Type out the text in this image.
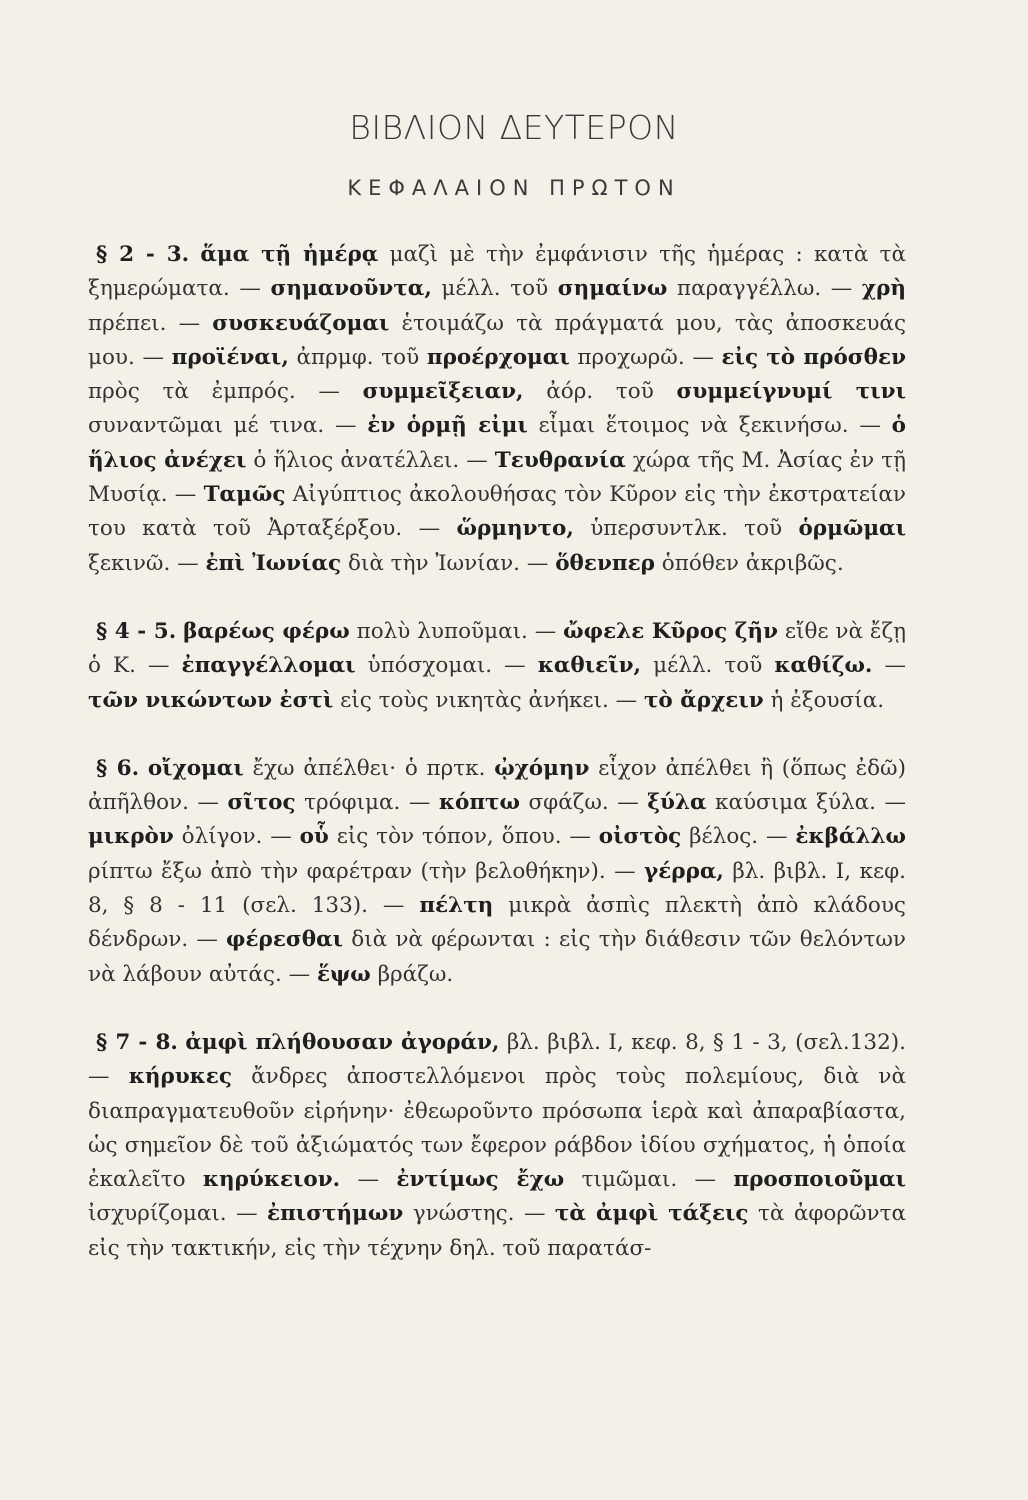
ΒΙΒΛΙΟΝ ΔΕΥΤΕΡΟΝ
ΚΕΦΑΛΑΙΟΝ ΠΡΩΤΟΝ

§ 2 - 3. ἅμα τῇ ἡμέρᾳ μαζὶ μὲ τὴν ἐμφάνισιν τῆς ἡμέρας : κατὰ τὰ ξημερώματα. — σημανοῦντα, μέλλ. τοῦ σημαίνω παραγγέλλω. — χρὴ πρέπει. — συσκευάζομαι ἑτοιμάζω τὰ πράγματά μου, τὰς ἀποσκευάς μου. — προϊέναι, ἀπρμφ. τοῦ προέρχομαι προχωρῶ. — εἰς τὸ πρόσθεν πρὸς τὰ ἐμπρός. — συμμεῖξειαν, ἀόρ. τοῦ συμμείγνυμί τινι συναντῶμαι μέ τινα. — ἐν ὁρμῇ εἰμι εἶμαι ἕτοιμος νὰ ξεκινήσω. — ὁ ἥλιος ἀνέχει ὁ ἥλιος ἀνατέλλει. — Τευθρανία χώρα τῆς Μ. Ἀσίας ἐν τῇ Μυσίᾳ. — Ταμῶς Αἰγύπτιος ἀκολουθήσας τὸν Κῦρον εἰς τὴν ἐκστρατείαν του κατὰ τοῦ Ἀρταξέρξου. — ὥρμηντο, ὑπερσυντλκ. τοῦ ὁρμῶμαι ξεκινῶ. — ἐπὶ Ἰωνίας διὰ τὴν Ἰωνίαν. — ὅθενπερ ὁπόθεν ἀκριβῶς.

§ 4 - 5. βαρέως φέρω πολὺ λυποῦμαι. — ὤφελε Κῦρος ζῆν εἴθε νὰ ἔζῃ ὁ Κ. — ἐπαγγέλλομαι ὑπόσχομαι. — καθιεῖν, μέλλ. τοῦ καθίζω. — τῶν νικώντων ἐστὶ εἰς τοὺς νικητὰς ἀνήκει. — τὸ ἄρχειν ἡ ἐξουσία.

§ 6. οἴχομαι ἔχω ἀπέλθει· ὁ πρτκ. ᾠχόμην εἶχον ἀπέλθει ἢ (ὅπως ἐδῶ) ἀπῆλθον. — σῖτος τρόφιμα. — κόπτω σφάζω. — ξύλα καύσιμα ξύλα. — μικρὸν ὀλίγον. — οὗ εἰς τὸν τόπον, ὅπου. — οἰστὸς βέλος. — ἐκβάλλω ρίπτω ἔξω ἀπὸ τὴν φαρέτραν (τὴν βελοθήκην). — γέρρα, βλ. βιβλ. Ι, κεφ. 8, § 8 - 11 (σελ. 133). — πέλτη μικρὰ ἀσπὶς πλεκτὴ ἀπὸ κλάδους δένδρων. — φέρεσθαι διὰ νὰ φέρωνται : εἰς τὴν διάθεσιν τῶν θελόντων νὰ λάβουν αὐτάς. — ἕψω βράζω.

§ 7 - 8. ἀμφὶ πλήθουσαν ἀγοράν, βλ. βιβλ. Ι, κεφ. 8, § 1 - 3, (σελ.132). — κήρυκες ἄνδρες ἀποστελλόμενοι πρὸς τοὺς πολεμίους, διὰ νὰ διαπραγματευθοῦν εἰρήνην· ἐθεωροῦντο πρόσωπα ἱερὰ καὶ ἀπαραβίαστα, ὡς σημεῖον δὲ τοῦ ἀξιώματός των ἔφερον ράβδον ἰδίου σχήματος, ἡ ὁποία ἐκαλεῖτο κηρύκειον. — ἐντίμως ἔχω τιμῶμαι. — προσποιοῦμαι ἰσχυρίζομαι. — ἐπιστήμων γνώστης. — τὰ ἀμφὶ τάξεις τὰ ἀφορῶντα εἰς τὴν τακτικήν, εἰς τὴν τέχνην δηλ. τοῦ παρατάσ-
